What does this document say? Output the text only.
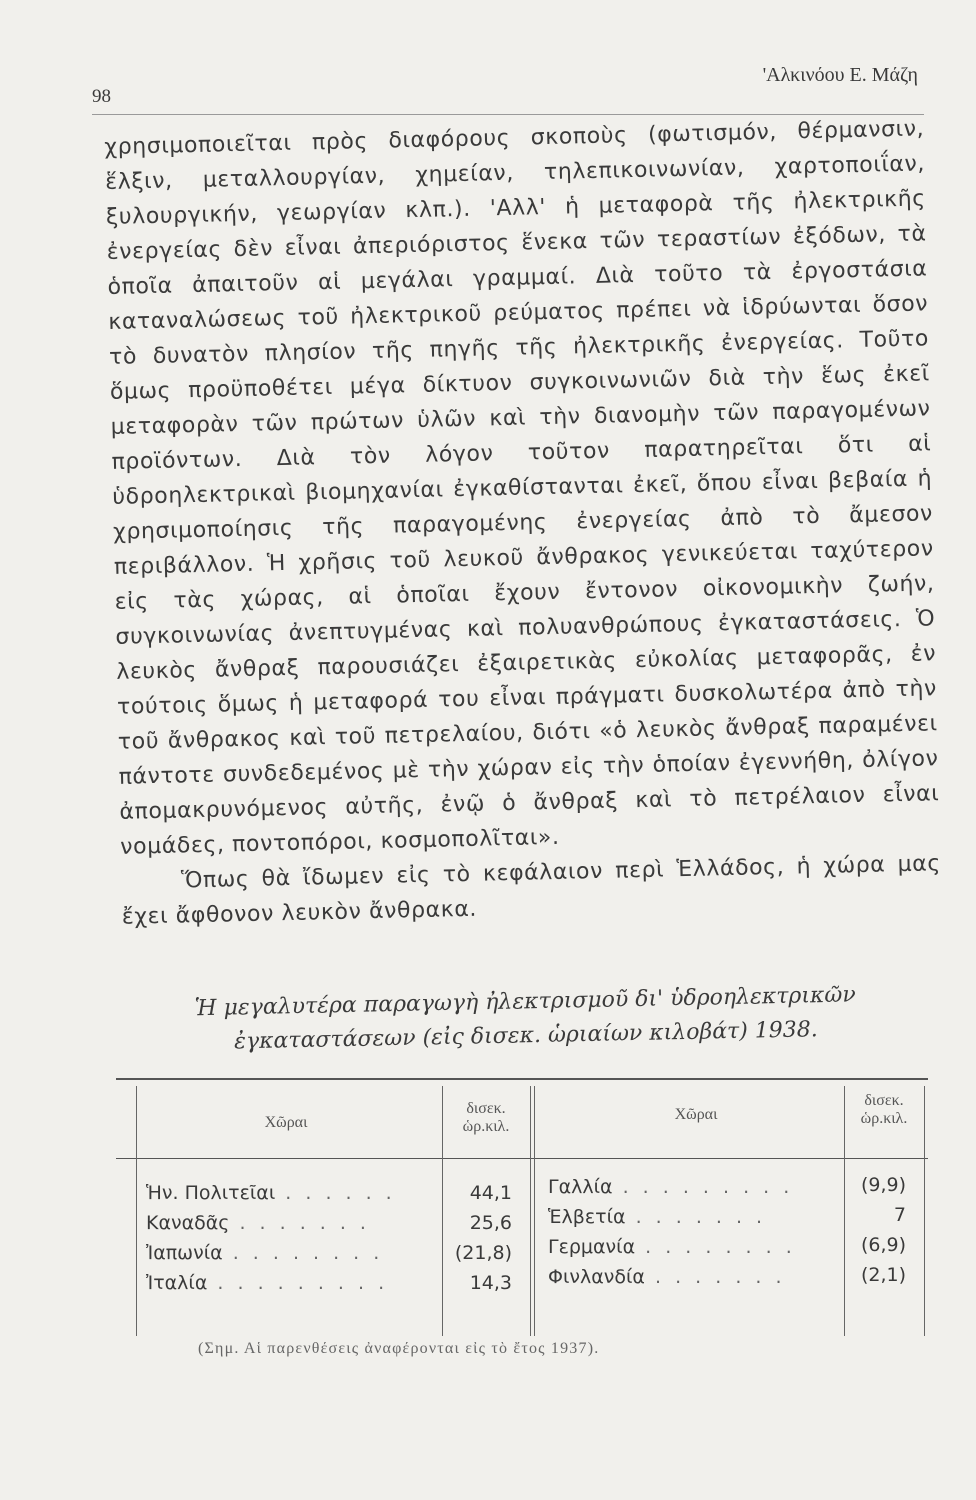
98
'Αλκινόου Ε. Μάζη

χρησιμοποιεῖται πρὸς διαφόρους σκοποὺς (φωτισμόν, θέρμανσιν, ἕλξιν, μεταλλουργίαν, χημείαν, τηλεπικοινωνίαν, χαρτοποιΐαν, ξυλουργικήν, γεωργίαν κλπ.). 'Αλλ' ἡ μεταφορὰ τῆς ἠλεκτρικῆς ἐνεργείας δὲν εἶναι ἀπεριόριστος ἕνεκα τῶν τεραστίων ἐξόδων, τὰ ὁποῖα ἀπαιτοῦν αἱ μεγάλαι γραμμαί. Διὰ τοῦτο τὰ ἐργοστάσια καταναλώσεως τοῦ ἠλεκτρικοῦ ρεύματος πρέπει νὰ ἱδρύωνται ὅσον τὸ δυνατὸν πλησίον τῆς πηγῆς τῆς ἠλεκτρικῆς ἐνεργείας. Τοῦτο ὅμως προϋποθέτει μέγα δίκτυον συγκοινωνιῶν διὰ τὴν ἕως ἐκεῖ μεταφορὰν τῶν πρώτων ὑλῶν καὶ τὴν διανομὴν τῶν παραγομένων προϊόντων. Διὰ τὸν λόγον τοῦτον παρατηρεῖται ὅτι αἱ ὑδροηλεκτρικαὶ βιομηχανίαι ἐγκαθίστανται ἐκεῖ, ὅπου εἶναι βεβαία ἡ χρησιμοποίησις τῆς παραγομένης ἐνεργείας ἀπὸ τὸ ἄμεσον περιβάλλον. Ἡ χρῆσις τοῦ λευκοῦ ἄνθρακος γενικεύεται ταχύτερον εἰς τὰς χώρας, αἱ ὁποῖαι ἔχουν ἔντονον οἰκονομικὴν ζωήν, συγκοινωνίας ἀνεπτυγμένας καὶ πολυανθρώπους ἐγκαταστάσεις. Ὁ λευκὸς ἄνθραξ παρουσιάζει ἐξαιρετικὰς εὐκολίας μεταφορᾶς, ἐν τούτοις ὅμως ἡ μεταφορά του εἶναι πράγματι δυσκολωτέρα ἀπὸ τὴν τοῦ ἄνθρακος καὶ τοῦ πετρελαίου, διότι «ὁ λευκὸς ἄνθραξ παραμένει πάντοτε συνδεδεμένος μὲ τὴν χώραν εἰς τὴν ὁποίαν ἐγεννήθη, ὀλίγον ἀπομακρυνόμενος αὐτῆς, ἐνῷ ὁ ἄνθραξ καὶ τὸ πετρέλαιον εἶναι νομάδες, ποντοπόροι, κοσμοπολῖται».

Ὅπως θὰ ἴδωμεν εἰς τὸ κεφάλαιον περὶ Ἑλλάδος, ἡ χώρα μας ἔχει ἄφθονον λευκὸν ἄνθρακα.

Ἡ μεγαλυτέρα παραγωγὴ ἠλεκτρισμοῦ δι' ὑδροηλεκτρικῶν
ἐγκαταστάσεων (εἰς δισεκ. ὡριαίων κιλοβάτ) 1938.
Χῶραι
δισεκ.
ὡρ.κιλ.
Χῶραι
δισεκ.
ὡρ.κιλ.
Ἡν. Πολιτεῖαι . . . . . .	44,1 Γαλλία . . . . . . . . .	(9,9)
Καναδᾶς . . . . . . .	25,6 Ἑλβετία . . . . . . .	7
Ἰαπωνία . . . . . . . .	(21,8) Γερμανία . . . . . . . .	(6,9)
Ἰταλία . . . . . . . . .	14,3 Φινλανδία . . . . . . .	(2,1)
(Σημ. Αἱ παρενθέσεις ἀναφέρονται εἰς τὸ ἔτος 1937).
